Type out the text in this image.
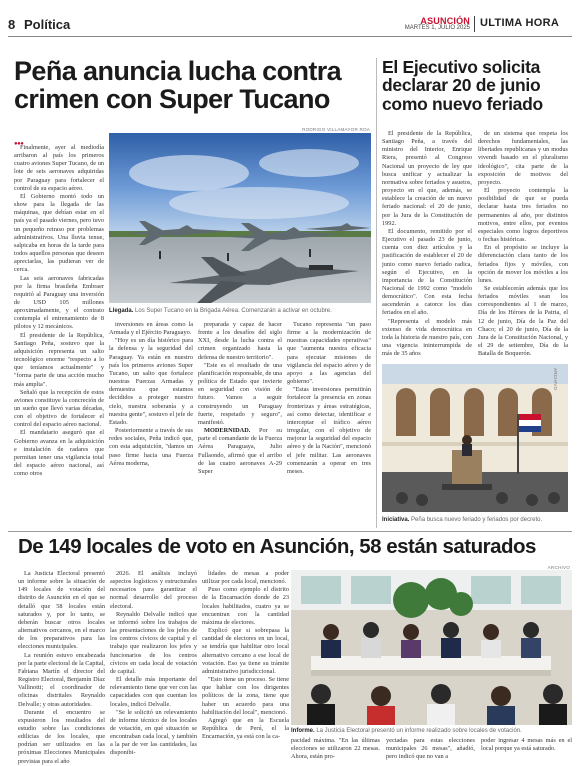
8 Política	ASUNCIÓN
MARTES 1, JULIO 2025 ULTIMA HORA
Peña anuncia lucha contra
crimen con Super Tucano
RODRIGO VILLAMAYOR ROA
●●●
Llegada. Los Super Tucano en la Brigada Aérea. Comenzarán a activar en octubre.

Finalmente, ayer al mediodía arribaron al país los primeros cuatro aviones Super Tucano, de un lote de seis aeronaves adquiridas por Paraguay para fortalecer el control de su espacio aéreo.

El Gobierno montó todo un show para la llegada de las máquinas, que debían estar en el país ya el pasado viernes, pero tuvo un pequeño retraso por problemas administrativos. Una lluvia tenue, salpicaba en horas de la tarde para todos aquellos personas que deseen apreciarlas, las pudieran ver de cerca.

Las seis aeronaves fabricadas por la firma brasileña Embraer requirió al Paraguay una inversión de USD 105 millones aproximadamente, y el contrato contempla el entrenamiento de 8 pilotos y 12 mecánicos.

El presidente de la República, Santiago Peña, sostuvo que la adquisición representa un salto tecnológico enorme "respecto a lo que teníamos actualmente" y "forma parte de una acción mucho más amplia".

Señaló que la recepción de estos aviones constituye la concreción de un sueño que llevó varias décadas, con el objetivo de fortalecer el control del espacio aéreo nacional.

El mandatario aseguró que el Gobierno avanza en la adquisición e instalación de radares que permitan tener una vigilancia total del espacio aéreo nacional, así como otros

inversiones en áreas como la Armada y el Ejército Paraguayo.

"Hoy es un día histórico para la defensa y la seguridad del Paraguay. Ya están en nuestro país los primeros aviones Super Tucano, un salto que fortalece nuestras Fuerzas Armadas y demuestra que estamos decididos a proteger nuestro cielo, nuestra soberanía y a nuestra gente", sostuvo el jefe de Estado.

Posteriormente a través de sus redes sociales, Peña indicó que, con esta adquisición, "damos un paso firme hacia una Fuerza Aérea moderna,

preparada y capaz de hacer frente a los desafíos del siglo XXI, desde la lucha contra el crimen organizado hasta la defensa de nuestro territorio".

"Este es el resultado de una planificación responsable, de una política de Estado que invierte en seguridad con visión de futuro. Vamos a seguir construyendo un Paraguay fuerte, respetado y seguro", manifestó.

MODERNIDAD. Por su parte el comandante de la Fuerza Aérea Paraguaya, Julio Fullaondo, afirmó que el arribo de las cuatro aeronaves A-29 Super

Tucano representa "un paso firme a la modernización de nuestras capacidades operativas" que "aumenta nuestra eficacia para ejecutar misiones de vigilancia del espacio aéreo y de apoyo a las agencias del gobierno".

"Estas inversiones permitirán fortalecer la presencia en zonas fronterizas y áreas estratégicas, así como detectar, identificar e interceptar el tráfico aéreo irregular, con el objetivo de mejorar la seguridad del espacio aéreo y de la Nación", mencionó el jefe militar. Las aeronaves comenzarán a operar en tres meses.

El Ejecutivo solicita
declarar 20 de junio
como nuevo feriado

El presidente de la República, Santiago Peña, a través del ministro del Interior, Enrique Riera, presentó al Congreso Nacional un proyecto de ley que busca unificar y actualizar la normativa sobre feriados y asuetos, proyecto en el que, además, se establece la creación de un nuevo feriado nacional: el 20 de junio, por la Jura de la Constitución de 1992.

El documento, remitido por el Ejecutivo el pasado 23 de junio, cuenta con diez artículos y la justificación de establecer el 20 de junio como nuevo feriado radica, según el Ejecutivo, en la importancia de la Constitución Nacional de 1992 como "modelo democrático". Con esta fecha ascenderán a catorce los días feriados en el año.

"Representa el modelo más extenso de vida democrática en toda la historia de nuestro país, con una vigencia ininterrumpida de más de 35 años

de un sistema que respeta los derechos fundamentales, las libertades republicanas y un modus vivendi basado en el pluralismo ideológico", cita parte de la exposición de motivos del proyecto.

El proyecto contempla la posibilidad de que se pueda declarar hasta tres feriados no permanentes al año, por distintos motivos, entre ellos, por eventos especiales como logros deportivos o fechas históricas.

En el propósito se incluye la diferenciación clara tanto de los feriados fijos y móviles, con opción de mover los móviles a los lunes.

Se establecerán además que los feriados móviles sean los correspondientes al 1 de marzo, Día de los Héroes de la Patria, el 12 de junio, Día de la Paz del Chaco; el 20 de junio, Día de la Jura de la Constitución Nacional, y el 29 de setiembre, Día de la Batalla de Boquerón.

ARCHIVO
Iniciativa. Peña busca nuevo feriado y feriados por decreto.
De 149 locales de voto en Asunción, 58 están saturados
ARCHIVO

La Justicia Electoral presentó un informe sobre la situación de 149 locales de votación del distrito de Asunción en el que se detalló que 58 locales están saturados y, por lo tanto, se deberán buscar otros locales alternativos cercanos, en el marco de los preparativos para las elecciones municipales.

La reunión estuvo encabezada por la parte electoral de la Capital, Fabiana Martín el director del Registro Electoral, Benjamín Díaz Vallinotti; el coordinador de oficinas distritales Reynaldo Delvalle; y otras autoridades.

Durante el encuentro se expusieron los resultados del estudio sobre las condiciones edilicias de los locales, que podrían ser utilizados en las próximas Elecciones Municipales previstas para el año

2026. El análisis incluyó aspectos logísticos y estructurales necesarios para garantizar el normal desarrollo del proceso electoral.

Reynaldo Delvalle indicó que se informó sobre los trabajos de las presentaciones de los jefes de los centros cívicos de capital y el trabajo que realizaron los jefes y funcionarios de los centros cívicos en cada local de votación de capital.

El detalle más importante del relevamiento tiene que ver con las capacidades con que cuentan los locales, indicó Delvalle.

"Se le solicitó un relevamiento de informe técnico de los locales de votación, en qué situación se encontraban cada local, y también a la par de ver las cantidades, las disponibi-

lidades de mesas a poder utilizar por cada local, mencionó.

Puso como ejemplo el distrito de la Encarnación donde de 23 locales habilitados, cuatro ya se encuentran con la cantidad máxima de electores.

Explicó que si sobrepasa la cantidad de electores en un local, se tendría que habilitar otro local alternativo cercano a ese local de votación. Eso ya tiene su trámite administrativo jurisdiccional.

"Esto tiene un proceso. Se tiene que hablar con los dirigentes políticos de la zona, tiene que haber un acuerdo para una habilitación del local", mencionó.

Agregó que en la Escuela República de Perú, el la Encarnación, ya está con la ca-

Informe. La Justicia Electoral presentó un informe realizado sobre locales de votación.

pacidad máxima. "En las últimas elecciones se utilizaron 22 mesas. Ahora, están pro-

yectadas para estas elecciones municipales 26 mesas", añadió, pero indicó que no van a

poder ingresar 4 mesas más en el local porque ya está saturado.
